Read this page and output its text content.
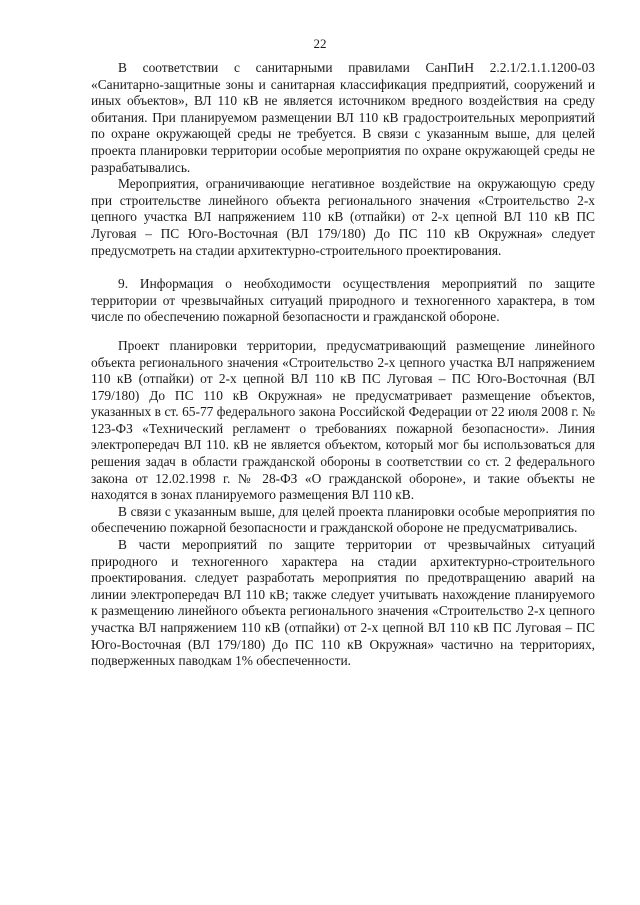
22

В соответствии с санитарными правилами СанПиН 2.2.1/2.1.1.1200-03 «Санитарно-защитные зоны и санитарная классификация предприятий, сооружений и иных объектов», ВЛ 110 кВ не является источником вредного воздействия на среду обитания. При планируемом размещении ВЛ 110 кВ градостроительных мероприятий по охране окружающей среды не требуется. В связи с указанным выше, для целей проекта планировки территории особые мероприятия по охране окружающей среды не разрабатывались.

Мероприятия, ограничивающие негативное воздействие на окружающую среду при строительстве линейного объекта регионального значения «Строительство 2-х цепного участка ВЛ напряжением 110 кВ (отпайки) от 2-х цепной ВЛ 110 кВ ПС Луговая – ПС Юго-Восточная (ВЛ 179/180) До ПС 110 кВ Окружная» следует предусмотреть на стадии архитектурно-строительного проектирования.

9. Информация о необходимости осуществления мероприятий по защите территории от чрезвычайных ситуаций природного и техногенного характера, в том числе по обеспечению пожарной безопасности и гражданской обороне.

Проект планировки территории, предусматривающий размещение линейного объекта регионального значения «Строительство 2-х цепного участка ВЛ напряжением 110 кВ (отпайки) от 2-х цепной ВЛ 110 кВ ПС Луговая – ПС Юго-Восточная (ВЛ 179/180) До ПС 110 кВ Окружная» не предусматривает размещение объектов, указанных в ст. 65-77 федерального закона Российской Федерации от 22 июля 2008 г. № 123-ФЗ «Технический регламент о требованиях пожарной безопасности». Линия электропередач ВЛ 110. кВ не является объектом, который мог бы использоваться для решения задач в области гражданской обороны в соответствии со ст. 2 федерального закона от 12.02.1998 г. № 28-ФЗ «О гражданской обороне», и такие объекты не находятся в зонах планируемого размещения ВЛ 110 кВ.

В связи с указанным выше, для целей проекта планировки особые мероприятия по обеспечению пожарной безопасности и гражданской обороне не предусматривались.

В части мероприятий по защите территории от чрезвычайных ситуаций природного и техногенного характера на стадии архитектурно-строительного проектирования. следует разработать мероприятия по предотвращению аварий на линии электропередач ВЛ 110 кВ; также следует учитывать нахождение планируемого к размещению линейного объекта регионального значения «Строительство 2-х цепного участка ВЛ напряжением 110 кВ (отпайки) от 2-х цепной ВЛ 110 кВ ПС Луговая – ПС Юго-Восточная (ВЛ 179/180) До ПС 110 кВ Окружная» частично на территориях, подверженных паводкам 1% обеспеченности.
